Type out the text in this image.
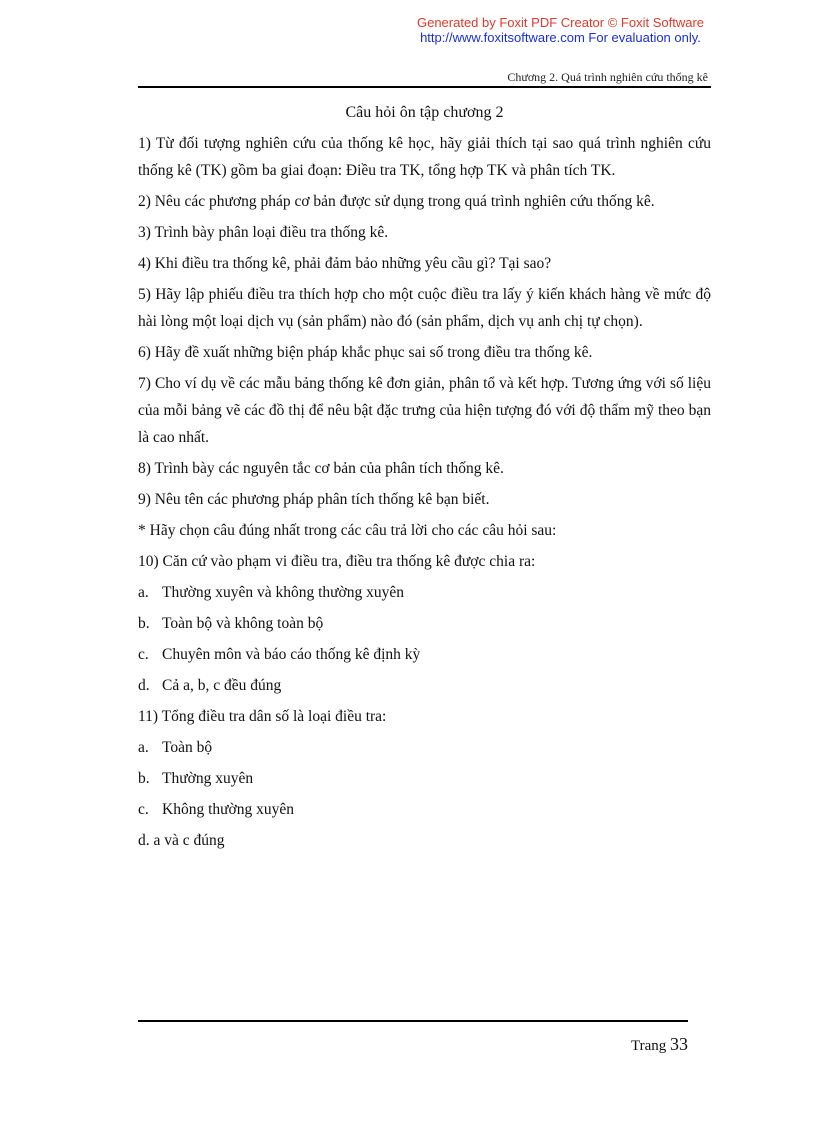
Generated by Foxit PDF Creator © Foxit Software
http://www.foxitsoftware.com For evaluation only.
Chương 2. Quá trình nghiên cứu thống kê
Câu hỏi ôn tập chương 2

1) Từ đối tượng nghiên cứu của thống kê học, hãy giải thích tại sao quá trình nghiên cứu thống kê (TK) gồm ba giai đoạn: Điều tra TK, tổng hợp TK và phân tích TK.

2) Nêu các phương pháp cơ bản được sử dụng trong quá trình nghiên cứu thống kê.

3) Trình bày phân loại điều tra thống kê.

4) Khi điều tra thống kê, phải đảm bảo những yêu cầu gì? Tại sao?

5) Hãy lập phiếu điều tra thích hợp cho một cuộc điều tra lấy ý kiến khách hàng về mức độ hài lòng một loại dịch vụ (sản phẩm) nào đó (sản phẩm, dịch vụ anh chị tự chọn).

6) Hãy đề xuất những biện pháp khắc phục sai số trong điều tra thống kê.

7) Cho ví dụ về các mẫu bảng thống kê đơn giản, phân tổ và kết hợp. Tương ứng với số liệu của mỗi bảng vẽ các đồ thị để nêu bật đặc trưng của hiện tượng đó với độ thẩm mỹ theo bạn là cao nhất.

8) Trình bày các nguyên tắc cơ bản của phân tích thống kê.

9) Nêu tên các phương pháp phân tích thống kê bạn biết.

* Hãy chọn câu đúng nhất trong các câu trả lời cho các câu hỏi sau:

10) Căn cứ vào phạm vi điều tra, điều tra thống kê được chia ra:

a. Thường xuyên và không thường xuyên

b. Toàn bộ và không toàn bộ

c. Chuyên môn và báo cáo thống kê định kỳ

d. Cả a, b, c đều đúng

11) Tổng điều tra dân số là loại điều tra:

a. Toàn bộ

b. Thường xuyên

c. Không thường xuyên

d. a và c đúng

Trang 33
